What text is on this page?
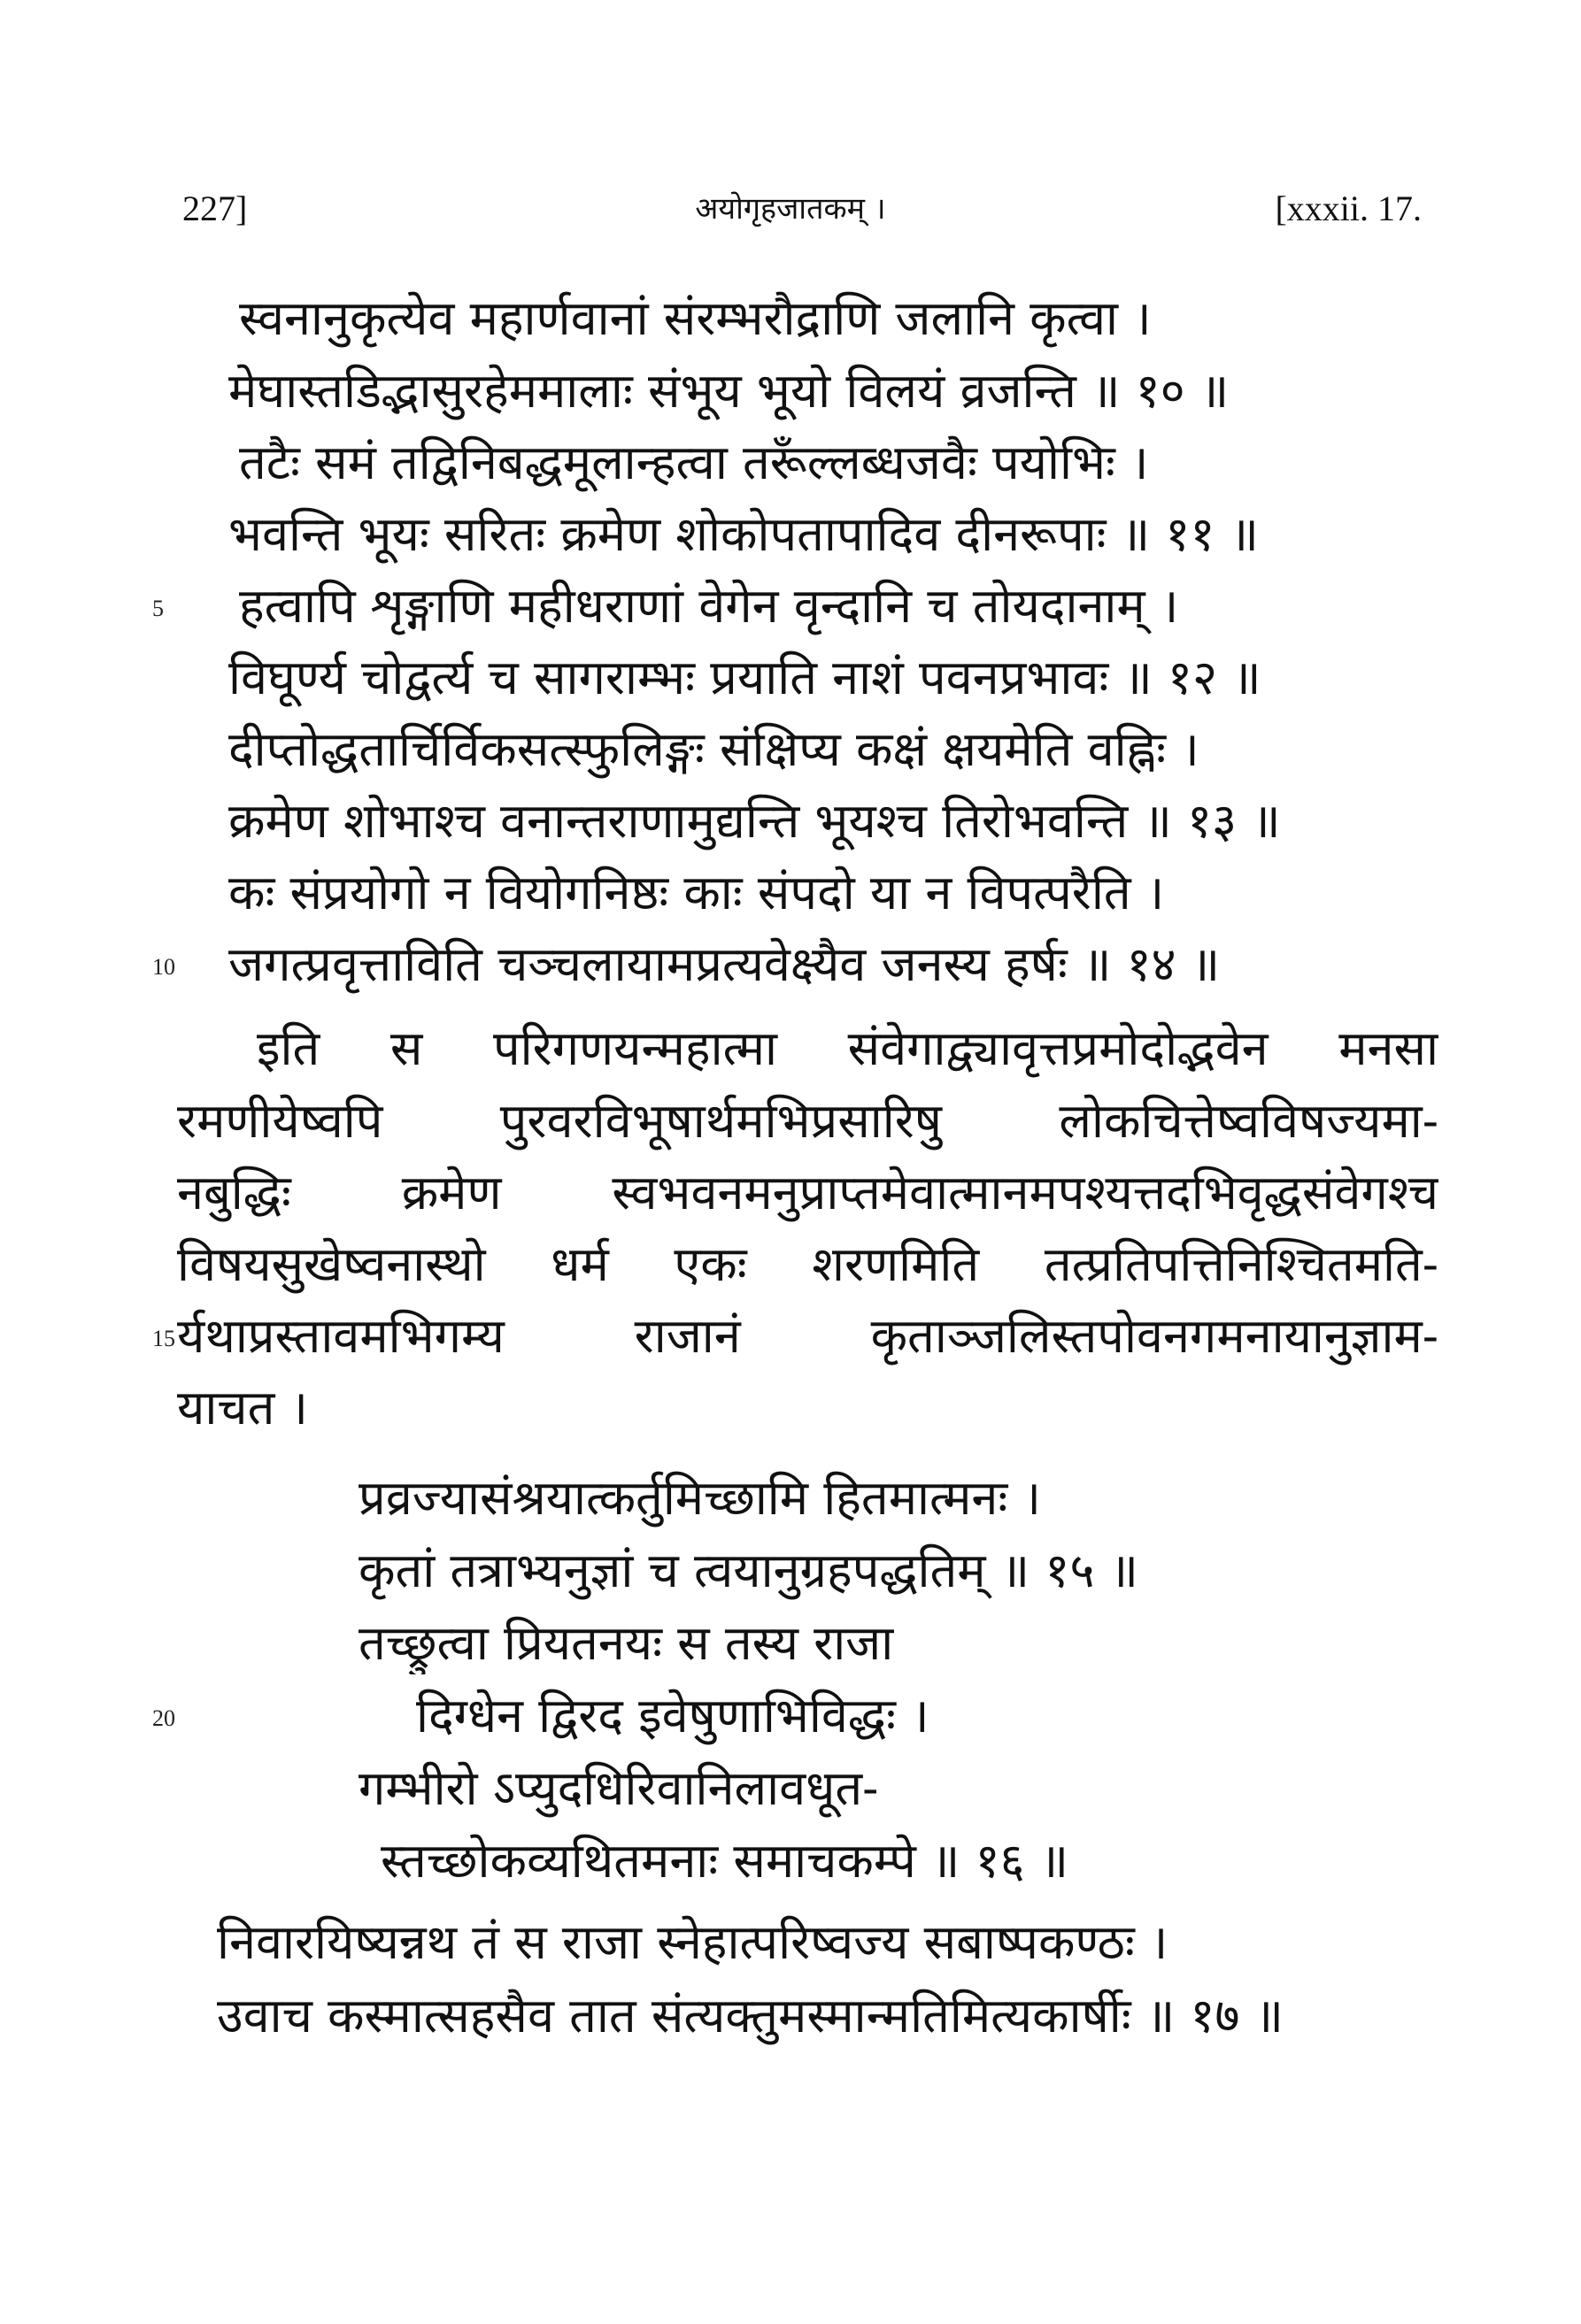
227]	अयोगृहजातकम् ।	[xxxii. 17.
स्वनानुकृत्येव महार्णवानां संरम्भरौद्राणि जलानि कृत्वा ।
मेघास्तडिद्भासुरहेममालाः संभूय भूयो विलयं व्रजन्ति ॥ १० ॥
तटैः समं तद्विनिबद्धमूलान्हत्वा तरूँल्लब्धजवैः पयोभिः ।
भवन्ति भूयः सरितः क्रमेण शोकोपतापादिव दीनरूपाः ॥ ११ ॥
हत्वापि शृङ्गाणि महीधराणां वेगेन वृन्दानि च तोयदानाम् ।
विघूर्ण्य चोद्वर्त्य च सागराम्भः प्रयाति नाशं पवनप्रभावः ॥ १२ ॥
दीप्तोद्धतार्चिर्विकसत्स्फुलिङ्गः संक्षिप्य कक्षं क्षयमेति वह्निः ।
क्रमेण शोभाश्च वनान्तराणामुद्यन्ति भूयश्च तिरोभवन्ति ॥ १३ ॥
कः संप्रयोगो न वियोगनिष्ठः काः संपदो या न विपत्परैति ।
जगत्प्रवृत्ताविति चञ्चलायामप्रत्यवेक्ष्यैव जनस्य हर्षः ॥ १४ ॥
इति स परिगणयन्महात्मा संवेगाद्व्यावृत्तप्रमोदोद्भवेन मनसा
रमणीयेष्वपि पुरवरविभूषार्थमभिप्रसारिषु लोकचित्तेष्वविषज्यमा-
नबुद्धिः क्रमेण स्वभवनमनुप्राप्तमेवात्मानमपश्यत्तदभिवृद्धसंवेगश्च
विषयसुखेष्वनास्थो धर्म एकः शरणमिति तत्प्रतिपत्तिनिश्चितमति-
र्यथाप्रस्तावमभिगम्य राजानं कृताञ्जलिस्तपोवनगमनायानुज्ञाम-
याचत ।
प्रव्रज्यासंश्रयात्कर्तुमिच्छामि हितमात्मनः ।
कृतां तत्राभ्यनुज्ञां च त्वयानुग्रहपद्धतिम् ॥ १५ ॥
तच्छ्रुत्वा प्रियतनयः स तस्य राजा
दिग्धेन द्विरद इवेषुणाभिविद्धः ।
गम्भीरो ऽप्युदधिरिवानिलावधूत-
स्तच्छोकव्यथितमनाः समाचकम्पे ॥ १६ ॥
निवारयिष्यन्नथ तं स राजा स्नेहात्परिष्वज्य सबाष्पकण्ठः ।
उवाच कस्मात्सहसैव तात संत्यक्तुमस्मान्मतिमित्यकार्षीः ॥ १७ ॥
5
10
15
20
